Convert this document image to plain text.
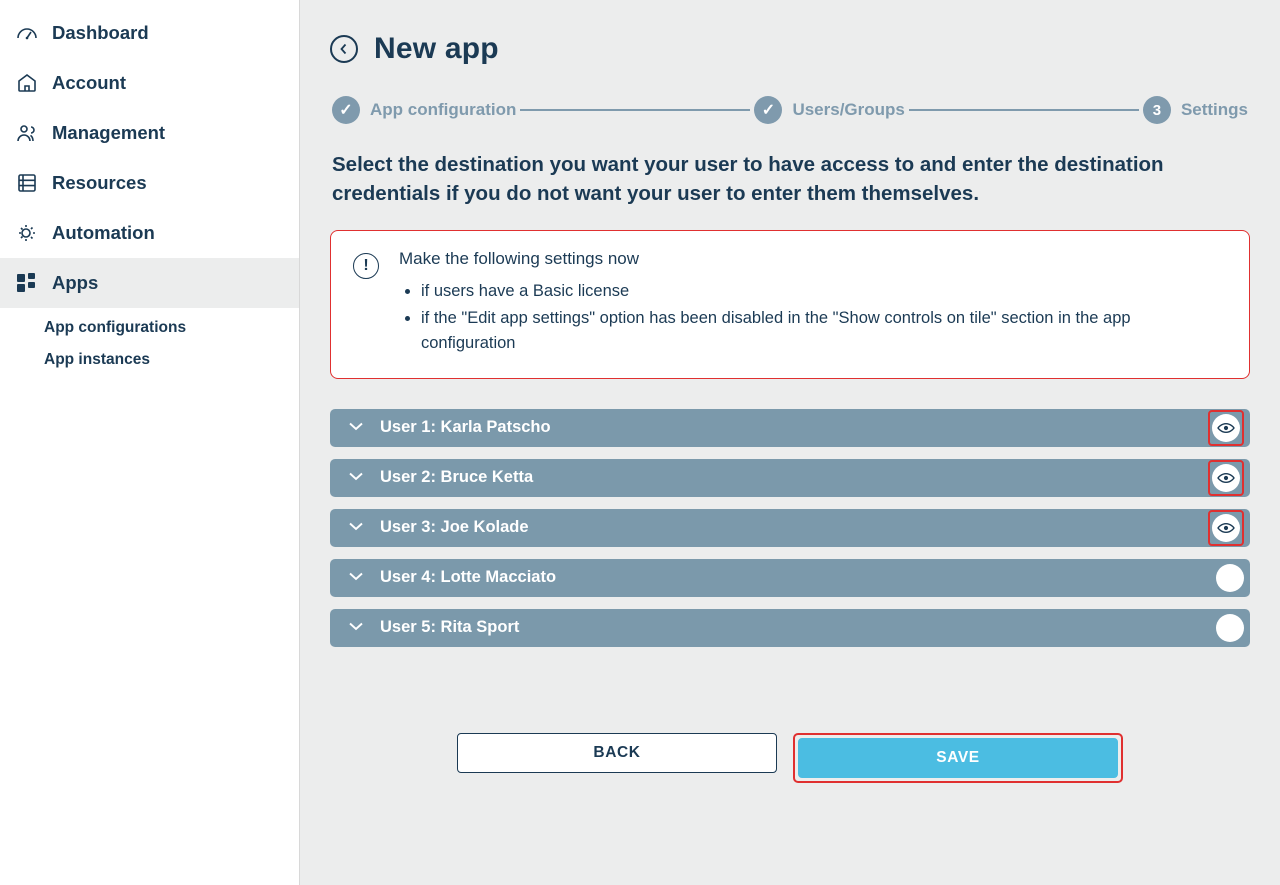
Dashboard
Account
Management
Resources
Automation
Apps
App configurations
App instances
New app
✓	App configuration	✓	Users/Groups	3	Settings
Select the destination you want your user to have access to and enter the destination credentials if you do not want your user to enter them themselves.
!	Make the following settings now
• if users have a Basic license
• if the "Edit app settings" option has been disabled in the "Show controls on tile" section in the app configuration
User 1: Karla Patscho
User 2: Bruce Ketta
User 3: Joe Kolade
User 4: Lotte Macciato
User 5: Rita Sport
BACK	SAVE
